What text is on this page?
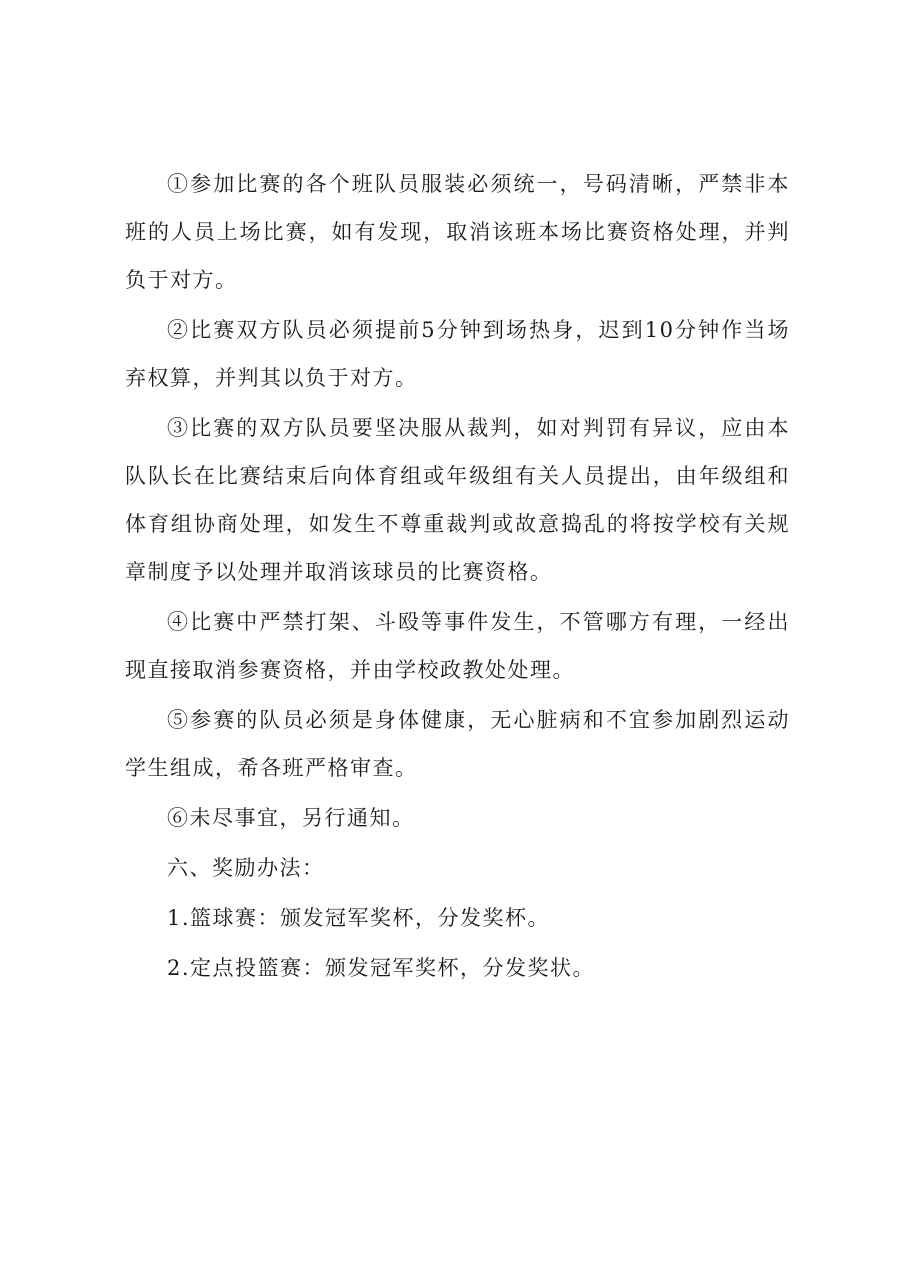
①参加比赛的各个班队员服装必须统一，号码清晰，严禁非本班的人员上场比赛，如有发现，取消该班本场比赛资格处理，并判负于对方。

②比赛双方队员必须提前5分钟到场热身，迟到10分钟作当场弃权算，并判其以负于对方。

③比赛的双方队员要坚决服从裁判，如对判罚有异议，应由本队队长在比赛结束后向体育组或年级组有关人员提出，由年级组和体育组协商处理，如发生不尊重裁判或故意捣乱的将按学校有关规章制度予以处理并取消该球员的比赛资格。

④比赛中严禁打架、斗殴等事件发生，不管哪方有理，一经出现直接取消参赛资格，并由学校政教处处理。

⑤参赛的队员必须是身体健康，无心脏病和不宜参加剧烈运动学生组成，希各班严格审查。

⑥未尽事宜，另行通知。

六、奖励办法：

1.篮球赛：颁发冠军奖杯，分发奖杯。

2.定点投篮赛：颁发冠军奖杯，分发奖状。
